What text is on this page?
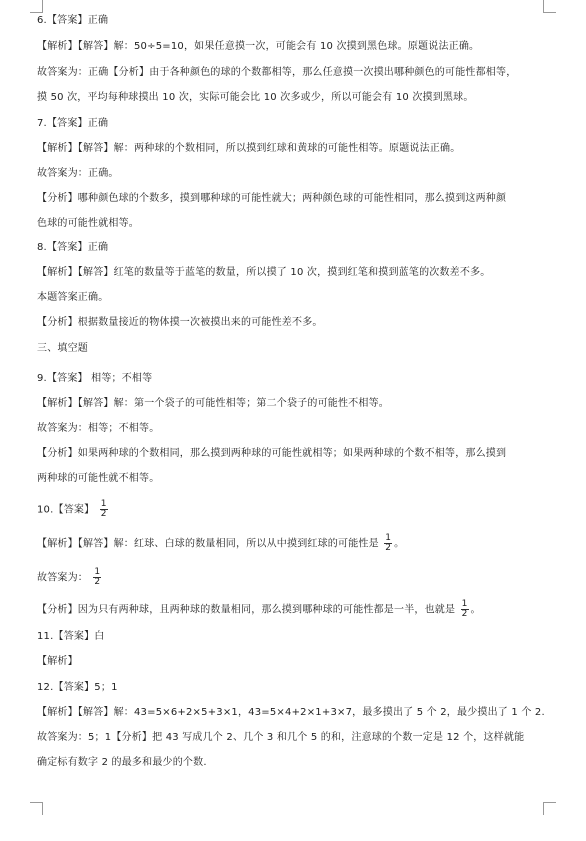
6.【答案】正确
【解析】【解答】解：50÷5=10，如果任意摸一次，可能会有 10 次摸到黑色球。原题说法正确。
故答案为：正确【分析】由于各种颜色的球的个数都相等，那么任意摸一次摸出哪种颜色的可能性都相等，
摸 50 次，平均每种球摸出 10 次，实际可能会比 10 次多或少，所以可能会有 10 次摸到黑球。
7.【答案】正确
【解析】【解答】解：两种球的个数相同，所以摸到红球和黄球的可能性相等。原题说法正确。
故答案为：正确。
【分析】哪种颜色球的个数多，摸到哪种球的可能性就大；两种颜色球的可能性相同，那么摸到这两种颜
色球的可能性就相等。
8.【答案】正确
【解析】【解答】红笔的数量等于蓝笔的数量，所以摸了 10 次，摸到红笔和摸到蓝笔的次数差不多。
本题答案正确。
【分析】根据数量接近的物体摸一次被摸出来的可能性差不多。
三、填空题
9.【答案】 相等；不相等
【解析】【解答】解：第一个袋子的可能性相等；第二个袋子的可能性不相等。
故答案为：相等；不相等。
【分析】如果两种球的个数相同，那么摸到两种球的可能性就相等；如果两种球的个数不相等，那么摸到
两种球的可能性就不相等。
10.【答案】 $\frac{1}{2}$
【解析】【解答】解：红球、白球的数量相同，所以从中摸到红球的可能性是 $\frac{1}{2}$ 。
故答案为： $\frac{1}{2}$
【分析】因为只有两种球，且两种球的数量相同，那么摸到哪种球的可能性都是一半，也就是 $\frac{1}{2}$ 。
11.【答案】白
【解析】
12.【答案】5；1
【解析】【解答】解：43=5×6+2×5+3×1，43=5×4+2×1+3×7，最多摸出了 5 个 2，最少摸出了 1 个 2.
故答案为：5；1【分析】把 43 写成几个 2、几个 3 和几个 5 的和，注意球的个数一定是 12 个，这样就能
确定标有数字 2 的最多和最少的个数.
